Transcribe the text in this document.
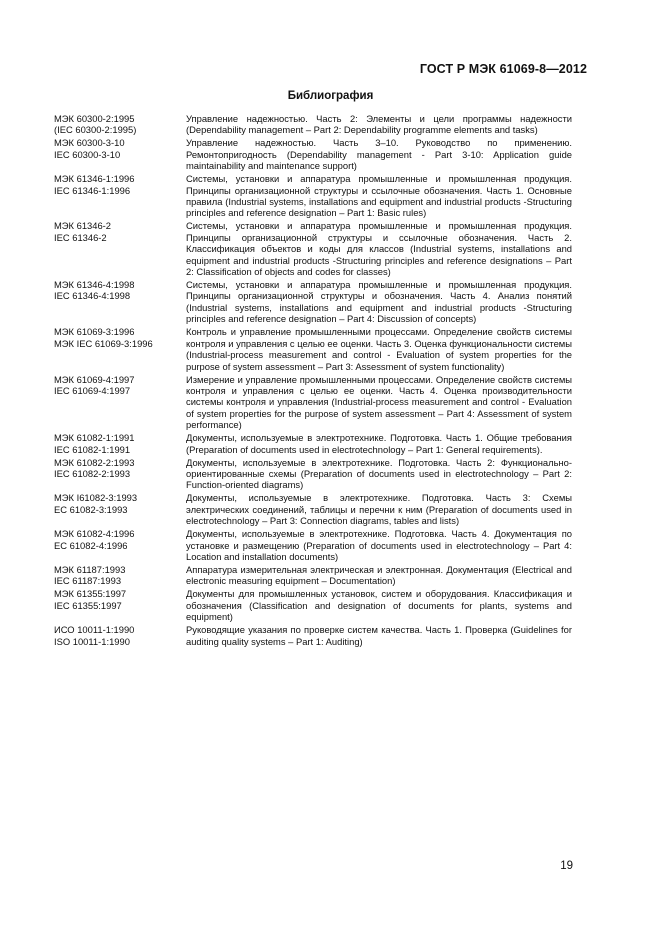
ГОСТ Р МЭК 61069-8—2012
Библиография
МЭК 60300-2:1995
(IEC 60300-2:1995)
Управление надежностью. Часть 2: Элементы и цели программы надежности (Dependability management – Part 2: Dependability programme elements and tasks)
МЭК 60300-3-10
IEC 60300-3-10
Управление надежностью. Часть 3–10. Руководство по применению. Ремонтопригодность (Dependability management - Part 3-10: Application guide maintainability and maintenance support)
МЭК 61346-1:1996
IEC 61346-1:1996
Системы, установки и аппаратура промышленные и промышленная продукция. Принципы организационной структуры и ссылочные обозначения. Часть 1. Основные правила (Industrial systems, installations and equipment and industrial products -Structuring principles and reference designation – Part 1: Basic rules)
МЭК 61346-2
IEC 61346-2
Системы, установки и аппаратура промышленные и промышленная продукция. Принципы организационной структуры и ссылочные обозначения. Часть 2. Классификация объектов и коды для классов (Industrial systems, installations and equipment and industrial products -Structuring principles and reference designations – Part 2: Classification of objects and codes for classes)
МЭК 61346-4:1998
IEC 61346-4:1998
Системы, установки и аппаратура промышленные и промышленная продукция. Принципы организационной структуры и обозначения. Часть 4. Анализ понятий (Industrial systems, installations and equipment and industrial products -Structuring principles and reference designation – Part 4: Discussion of concepts)
МЭК 61069-3:1996
МЭК IEC 61069-3:1996
Контроль и управление промышленными процессами. Определение свойств системы контроля и управления с целью ее оценки. Часть 3. Оценка функциональности системы (Industrial-process measurement and control - Evaluation of system properties for the purpose of system assessment – Part 3: Assessment of system functionality)
МЭК 61069-4:1997
IEC 61069-4:1997
Измерение и управление промышленными процессами. Определение свойств системы контроля и управления с целью ее оценки. Часть 4. Оценка производительности системы контроля и управления (Industrial-process measurement and control - Evaluation of system properties for the purpose of system assessment – Part 4: Assessment of system performance)
МЭК 61082-1:1991
IEC 61082-1:1991
Документы, используемые в электротехнике. Подготовка. Часть 1. Общие требования (Preparation of documents used in electrotechnology – Part 1: General requirements).
МЭК 61082-2:1993
IEC 61082-2:1993
Документы, используемые в электротехнике. Подготовка. Часть 2: Функционально-ориентированные схемы (Preparation of documents used in electrotechnology – Part 2: Function-oriented diagrams)
МЭК I61082-3:1993
EC 61082-3:1993
Документы, используемые в электротехнике. Подготовка. Часть 3: Схемы электрических соединений, таблицы и перечни к ним (Preparation of documents used in electrotechnology – Part 3: Connection diagrams, tables and lists)
МЭК 61082-4:1996
EC 61082-4:1996
Документы, используемые в электротехнике. Подготовка. Часть 4. Документация по установке и размещению (Preparation of documents used in electrotechnology – Part 4: Location and installation documents)
МЭК 61187:1993
IEC 61187:1993
Аппаратура измерительная электрическая и электронная. Документация (Electrical and electronic measuring equipment – Documentation)
МЭК 61355:1997
IEC 61355:1997
Документы для промышленных установок, систем и оборудования. Классификация и обозначения (Classification and designation of documents for plants, systems and equipment)
ИСО 10011-1:1990
ISO 10011-1:1990
Руководящие указания по проверке систем качества. Часть 1. Проверка (Guidelines for auditing quality systems – Part 1: Auditing)
19
